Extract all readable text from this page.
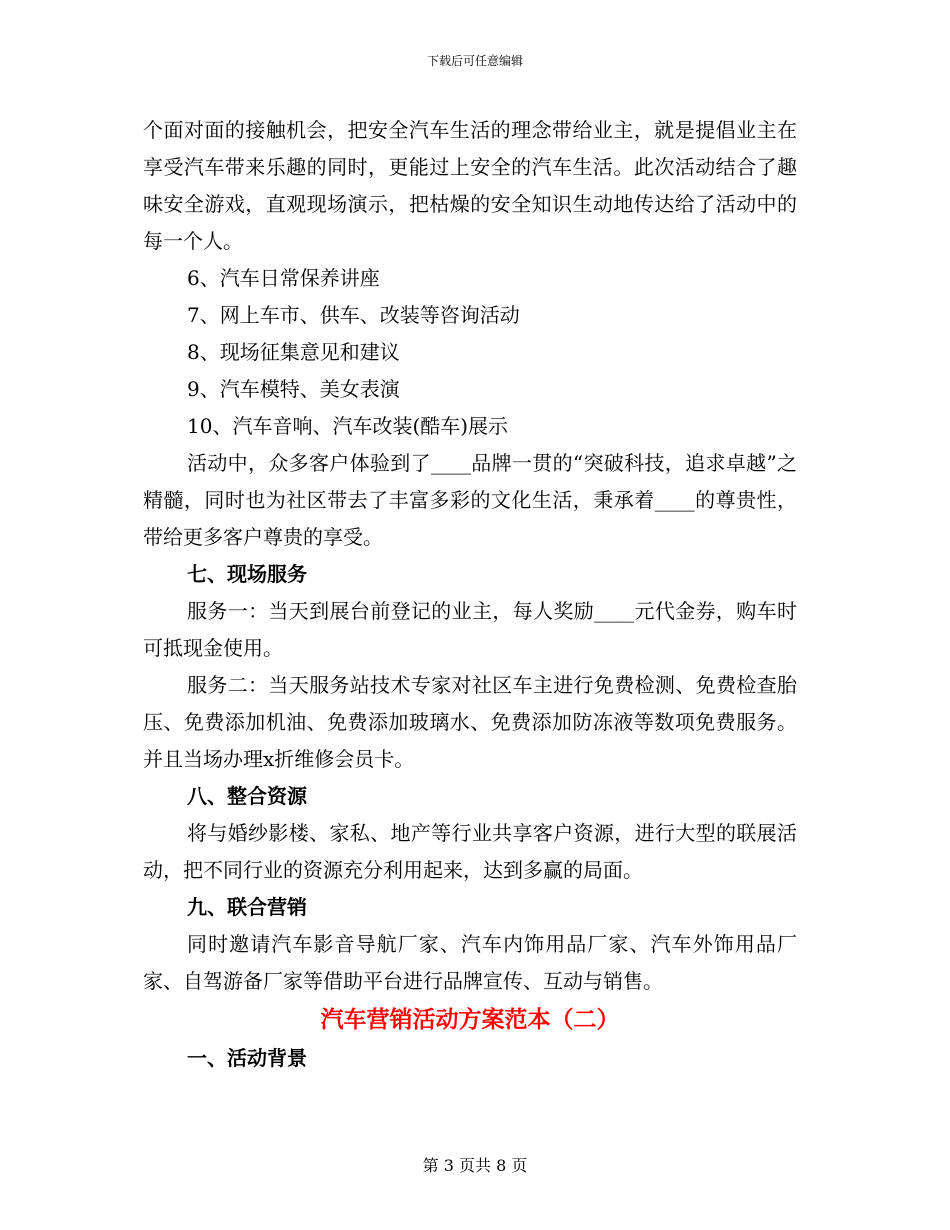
下载后可任意编辑

个面对面的接触机会，把安全汽车生活的理念带给业主，就是提倡业主在享受汽车带来乐趣的同时，更能过上安全的汽车生活。此次活动结合了趣味安全游戏，直观现场演示，把枯燥的安全知识生动地传达给了活动中的每一个人。

6、汽车日常保养讲座

7、网上车市、供车、改装等咨询活动

8、现场征集意见和建议

9、汽车模特、美女表演

10、汽车音响、汽车改装(酷车)展示

活动中，众多客户体验到了____品牌一贯的“突破科技，追求卓越”之精髓，同时也为社区带去了丰富多彩的文化生活，秉承着____的尊贵性，带给更多客户尊贵的享受。

七、现场服务

服务一：当天到展台前登记的业主，每人奖励____元代金券，购车时可抵现金使用。

服务二：当天服务站技术专家对社区车主进行免费检测、免费检查胎压、免费添加机油、免费添加玻璃水、免费添加防冻液等数项免费服务。并且当场办理x折维修会员卡。

八、整合资源

将与婚纱影楼、家私、地产等行业共享客户资源，进行大型的联展活动，把不同行业的资源充分利用起来，达到多赢的局面。

九、联合营销

同时邀请汽车影音导航厂家、汽车内饰用品厂家、汽车外饰用品厂家、自驾游备厂家等借助平台进行品牌宣传、互动与销售。

汽车营销活动方案范本（二）

一、活动背景

第 3 页共 8 页
